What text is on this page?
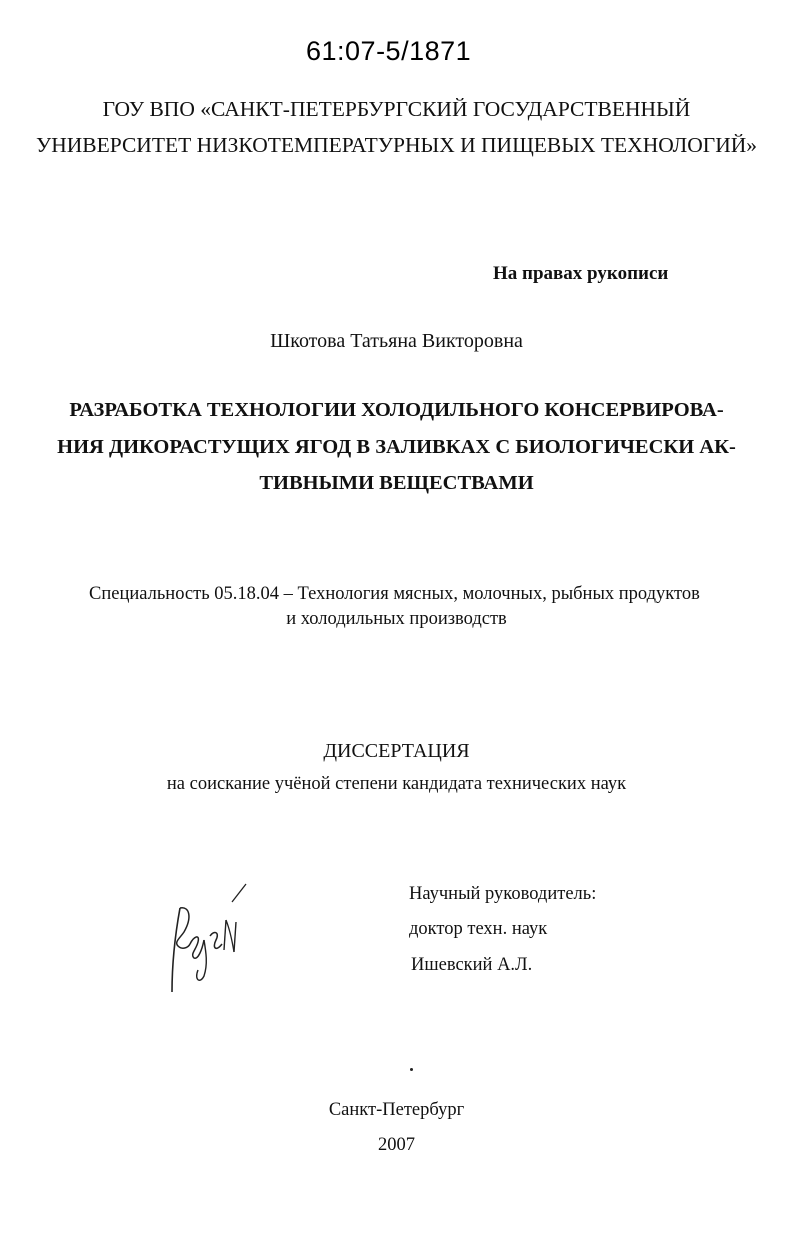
61:07-5/1871
ГОУ ВПО «САНКТ-ПЕТЕРБУРГСКИЙ ГОСУДАРСТВЕННЫЙ
УНИВЕРСИТЕТ НИЗКОТЕМПЕРАТУРНЫХ И ПИЩЕВЫХ ТЕХНОЛОГИЙ»
На правах рукописи
Шкотова Татьяна Викторовна
РАЗРАБОТКА ТЕХНОЛОГИИ ХОЛОДИЛЬНОГО КОНСЕРВИРОВА-
НИЯ ДИКОРАСТУЩИХ ЯГОД В ЗАЛИВКАХ С БИОЛОГИЧЕСКИ АК-
ТИВНЫМИ ВЕЩЕСТВАМИ
Специальность 05.18.04 – Технология мясных, молочных, рыбных продуктов
и холодильных производств
ДИССЕРТАЦИЯ
на соискание учёной степени кандидата технических наук
Научный руководитель:
доктор техн. наук
Ишевский А.Л.
Санкт-Петербург
2007
